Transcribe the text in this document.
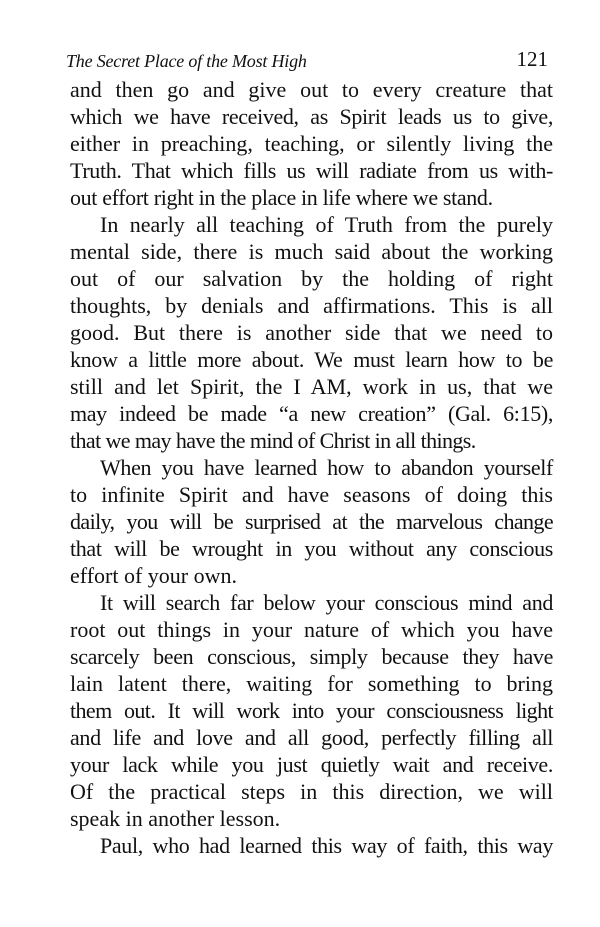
The Secret Place of the Most High	121
and then go and give out to every creature that
which we have received, as Spirit leads us to give,
either in preaching, teaching, or silently living the
Truth. That which fills us will radiate from us with-
out effort right in the place in life where we stand.
In nearly all teaching of Truth from the purely
mental side, there is much said about the working
out of our salvation by the holding of right
thoughts, by denials and affirmations. This is all
good. But there is another side that we need to
know a little more about. We must learn how to be
still and let Spirit, the I AM, work in us, that we
may indeed be made “a new creation” (Gal. 6:15),
that we may have the mind of Christ in all things.
When you have learned how to abandon yourself
to infinite Spirit and have seasons of doing this
daily, you will be surprised at the marvelous change
that will be wrought in you without any conscious
effort of your own.
It will search far below your conscious mind and
root out things in your nature of which you have
scarcely been conscious, simply because they have
lain latent there, waiting for something to bring
them out. It will work into your consciousness light
and life and love and all good, perfectly filling all
your lack while you just quietly wait and receive.
Of the practical steps in this direction, we will
speak in another lesson.
Paul, who had learned this way of faith, this way
